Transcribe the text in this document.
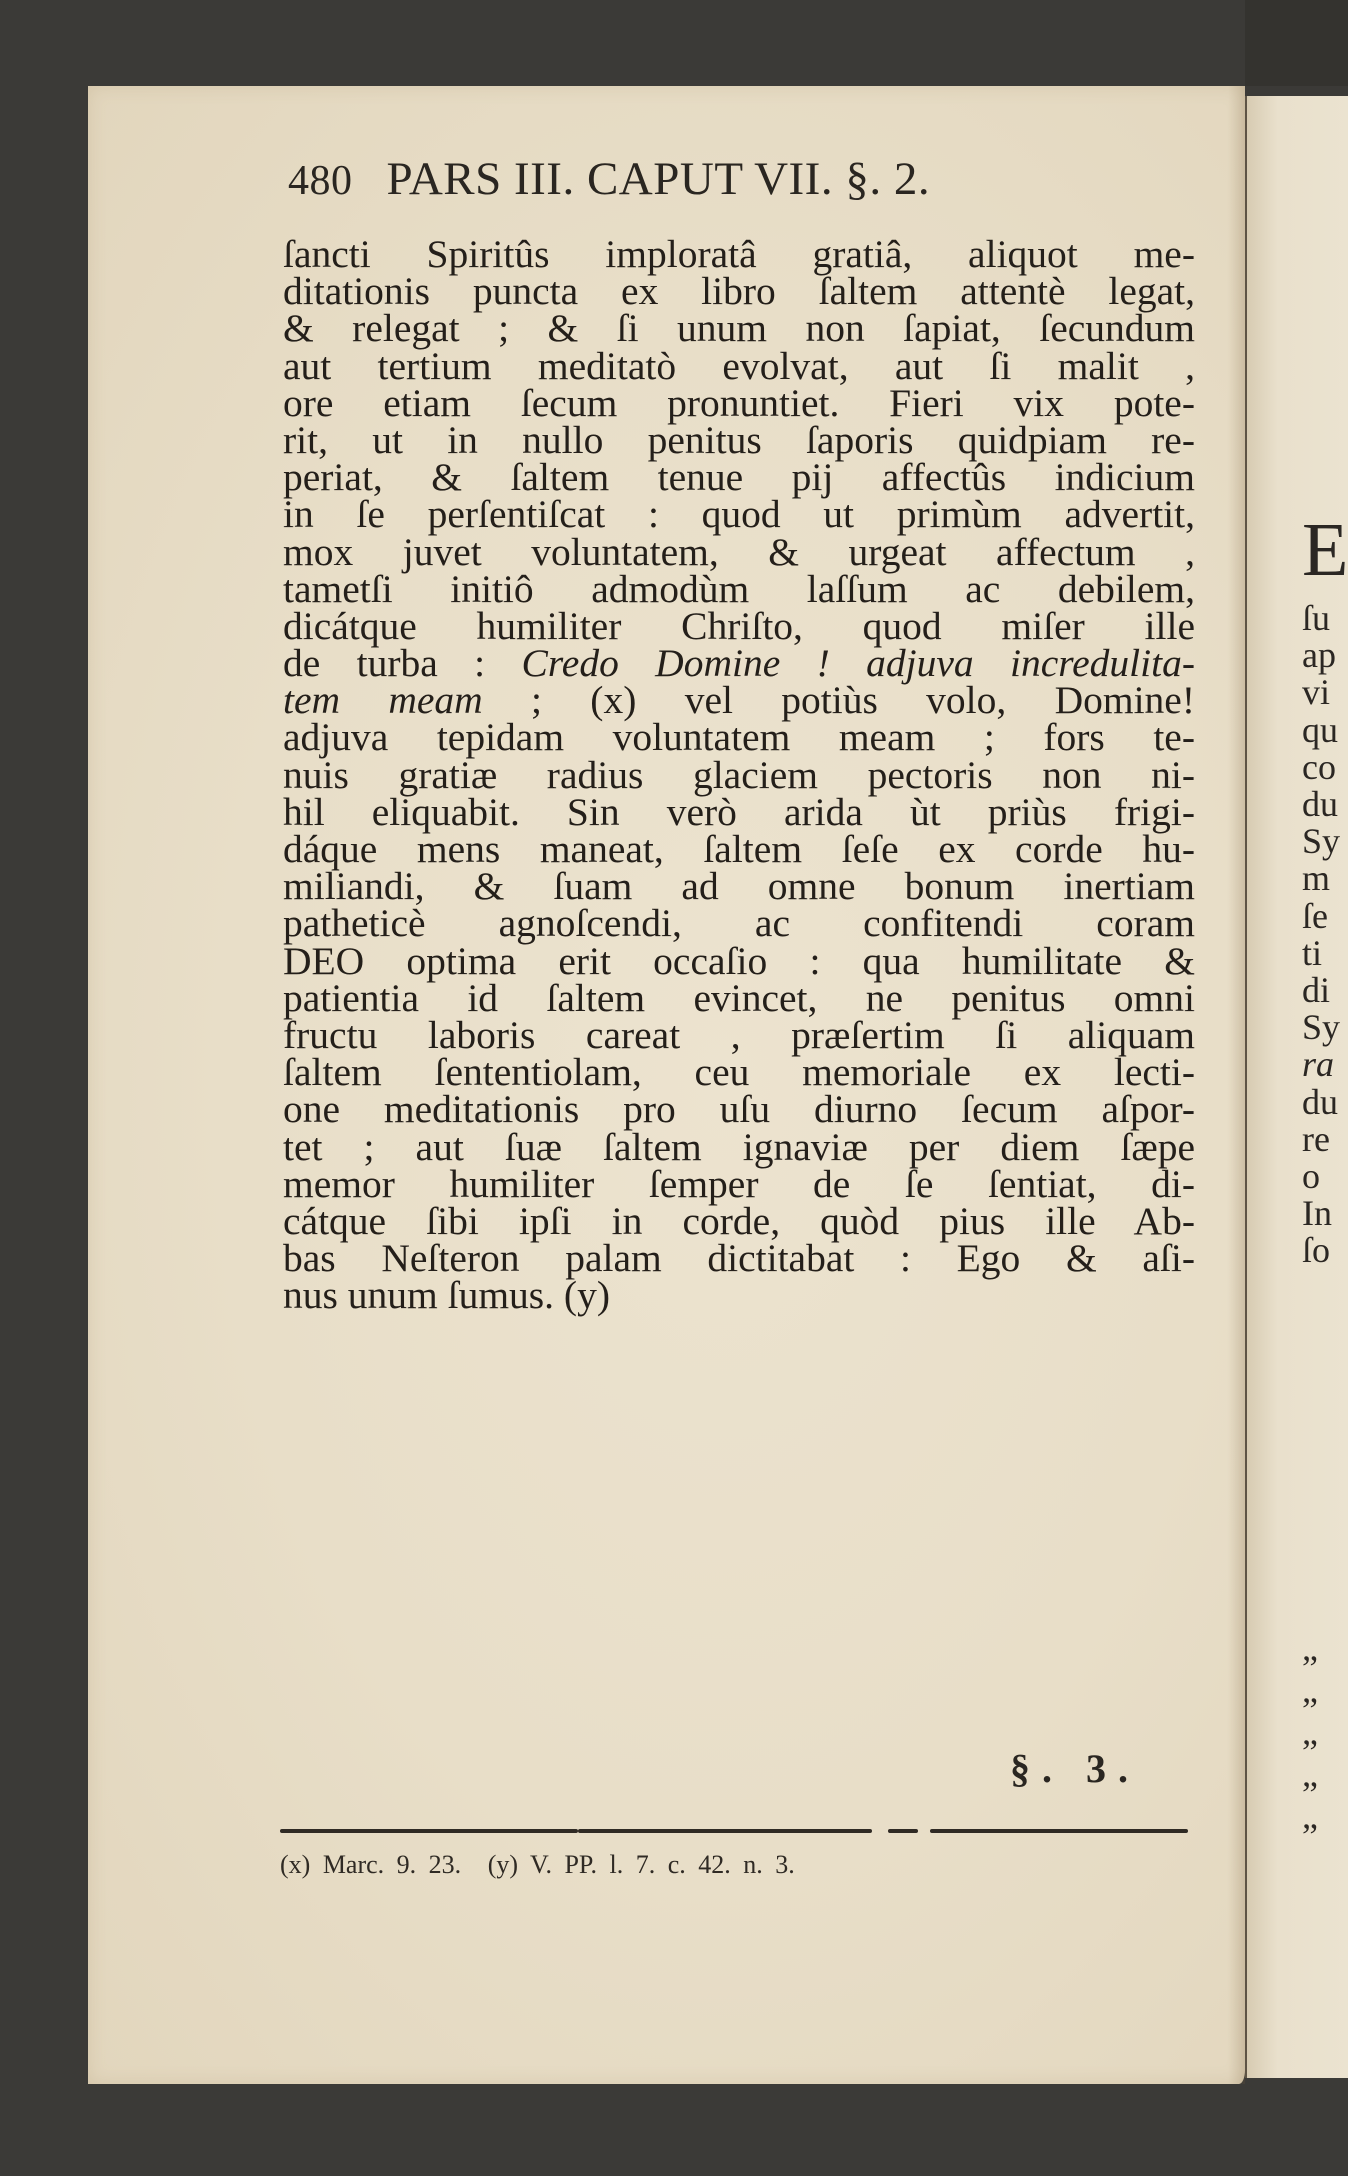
480 PARS III. CAPUT VII. §. 2.
ſancti Spiritûs imploratâ gratiâ, aliquot me-
ditationis puncta ex libro ſaltem attentè legat,
& relegat ; & ſi unum non ſapiat, ſecundum
aut tertium meditatò evolvat, aut ſi malit ,
ore etiam ſecum pronuntiet. Fieri vix pote-
rit, ut in nullo penitus ſaporis quidpiam re-
periat, & ſaltem tenue pij affectûs indicium
in ſe perſentiſcat : quod ut primùm advertit,
mox juvet voluntatem, & urgeat affectum ,
tametſi initiô admodùm laſſum ac debilem,
dicátque humiliter Chriſto, quod miſer ille
de turba : Credo Domine ! adjuva incredulita-
tem meam ; (x) vel potiùs volo, Domine!
adjuva tepidam voluntatem meam ; fors te-
nuis gratiæ radius glaciem pectoris non ni-
hil eliquabit. Sin verò arida ùt priùs frigi-
dáque mens maneat, ſaltem ſeſe ex corde hu-
miliandi, & ſuam ad omne bonum inertiam
patheticè agnoſcendi, ac confitendi coram
DEO optima erit occaſio : qua humilitate &
patientia id ſaltem evincet, ne penitus omni
fructu laboris careat , præſertim ſi aliquam
ſaltem ſententiolam, ceu memoriale ex lecti-
one meditationis pro uſu diurno ſecum aſpor-
tet ; aut ſuæ ſaltem ignaviæ per diem ſæpe
memor humiliter ſemper de ſe ſentiat, di-
cátque ſibi ipſi in corde, quòd pius ille Ab-
bas Neſteron palam dictitabat : Ego & aſi-
nus unum ſumus. (y)
§. 3.
(x) Marc. 9. 23. (y) V. PP. l. 7. c. 42. n. 3.
E
ſu
ap
vi
qu
co
du
Sy
m
ſe
ti
di
Sy
ra
du
re
o
In
ſo
”
”
”
”
”
